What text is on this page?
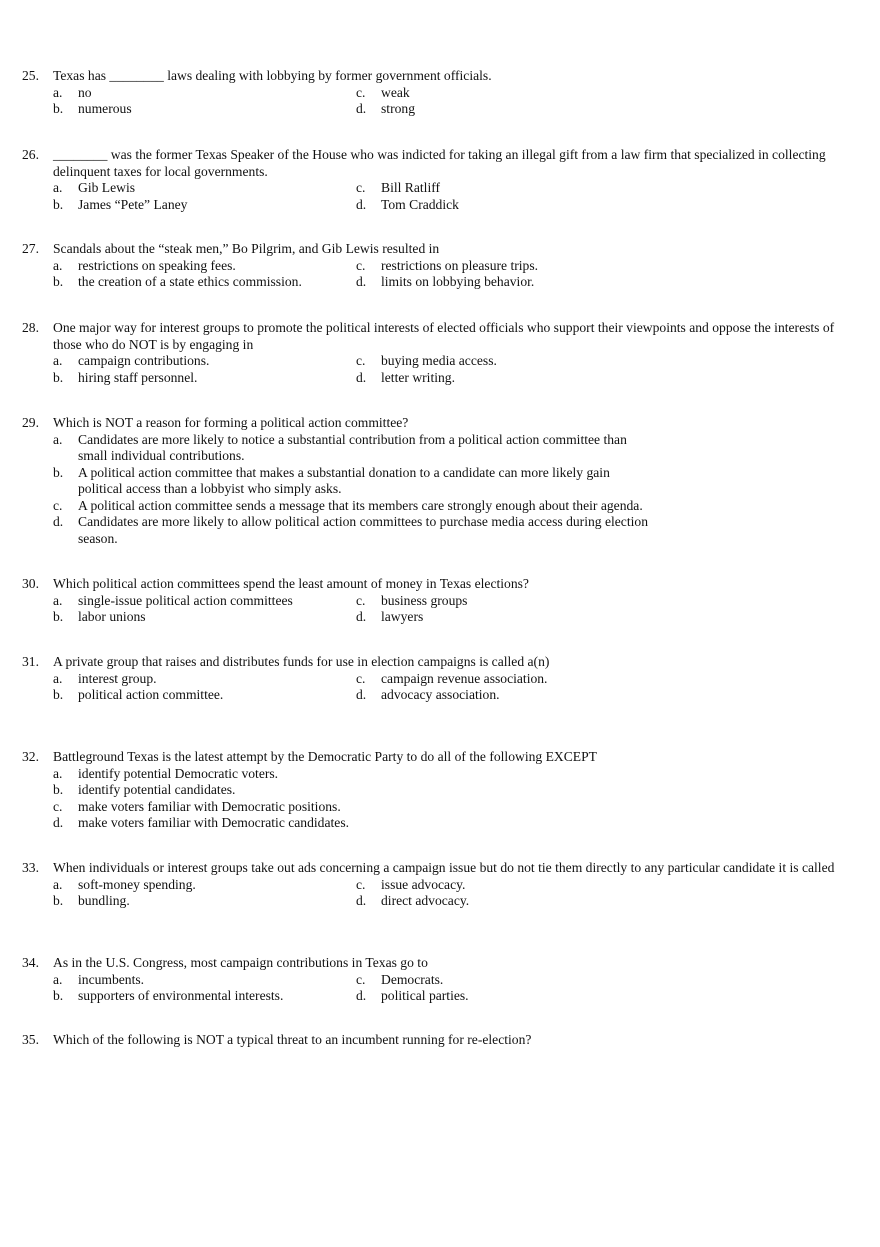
25. Texas has ________ laws dealing with lobbying by former government officials.
a. no	c. weak
b. numerous	d. strong
26. ________ was the former Texas Speaker of the House who was indicted for taking an illegal gift from a law firm that specialized in collecting delinquent taxes for local governments.
a. Gib Lewis	c. Bill Ratliff
b. James “Pete” Laney	d. Tom Craddick
27. Scandals about the “steak men,” Bo Pilgrim, and Gib Lewis resulted in
a. restrictions on speaking fees.	c. restrictions on pleasure trips.
b. the creation of a state ethics commission.	d. limits on lobbying behavior.
28. One major way for interest groups to promote the political interests of elected officials who support their viewpoints and oppose the interests of those who do NOT is by engaging in
a. campaign contributions.	c. buying media access.
b. hiring staff personnel.	d. letter writing.
29. Which is NOT a reason for forming a political action committee?
a.	Candidates are more likely to notice a substantial contribution from a political action committee than small individual contributions.
b.	A political action committee that makes a substantial donation to a candidate can more likely gain political access than a lobbyist who simply asks.
c.	A political action committee sends a message that its members care strongly enough about their agenda.
d.	Candidates are more likely to allow political action committees to purchase media access during election season.
30. Which political action committees spend the least amount of money in Texas elections?
a. single-issue political action committees	c. business groups
b. labor unions	d. lawyers
31. A private group that raises and distributes funds for use in election campaigns is called a(n)
a. interest group.	c. campaign revenue association.
b. political action committee.	d. advocacy association.
32. Battleground Texas is the latest attempt by the Democratic Party to do all of the following EXCEPT
a.	identify potential Democratic voters.
b.	identify potential candidates.
c.	make voters familiar with Democratic positions.
d.	make voters familiar with Democratic candidates.
33. When individuals or interest groups take out ads concerning a campaign issue but do not tie them directly to any particular candidate it is called
a. soft-money spending.	c. issue advocacy.
b. bundling.	d. direct advocacy.
34. As in the U.S. Congress, most campaign contributions in Texas go to
a. incumbents.	c. Democrats.
b. supporters of environmental interests.	d. political parties.
35. Which of the following is NOT a typical threat to an incumbent running for re-election?
